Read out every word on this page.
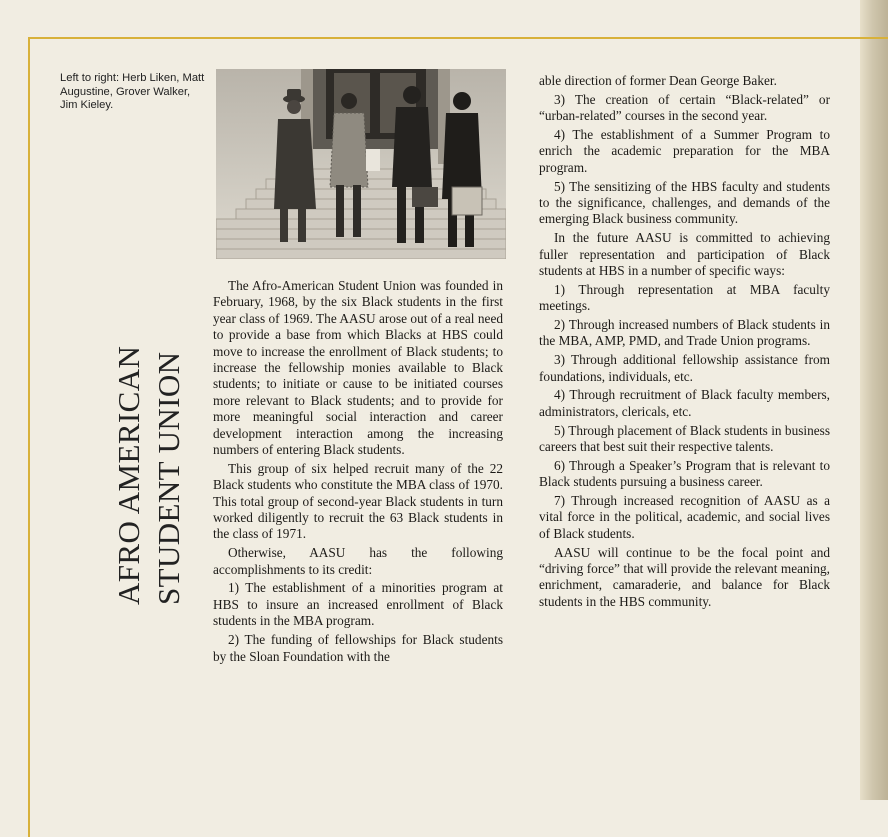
Left to right: Herb Liken, Matt Augustine, Grover Walker, Jim Kieley.
AFRO AMERICAN STUDENT UNION

The Afro-American Student Union was founded in February, 1968, by the six Black students in the first year class of 1969. The AASU arose out of a real need to provide a base from which Blacks at HBS could move to increase the enrollment of Black students; to increase the fellowship monies available to Black students; to initiate or cause to be initiated courses more relevant to Black students; and to provide for more meaningful social interaction and career development interaction among the increasing numbers of entering Black students.

This group of six helped recruit many of the 22 Black students who constitute the MBA class of 1970. This total group of second-year Black students in turn worked diligently to recruit the 63 Black students in the class of 1971.

Otherwise, AASU has the following accomplishments to its credit:

1) The establishment of a minorities program at HBS to insure an increased enrollment of Black students in the MBA program.

2) The funding of fellowships for Black students by the Sloan Foundation with the

able direction of former Dean George Baker.

3) The creation of certain “Black-related” or “urban-related” courses in the second year.

4) The establishment of a Summer Program to enrich the academic preparation for the MBA program.

5) The sensitizing of the HBS faculty and students to the significance, challenges, and demands of the emerging Black business community.

In the future AASU is committed to achieving fuller representation and participation of Black students at HBS in a number of specific ways:

1) Through representation at MBA faculty meetings.

2) Through increased numbers of Black students in the MBA, AMP, PMD, and Trade Union programs.

3) Through additional fellowship assistance from foundations, individuals, etc.

4) Through recruitment of Black faculty members, administrators, clericals, etc.

5) Through placement of Black students in business careers that best suit their respective talents.

6) Through a Speaker’s Program that is relevant to Black students pursuing a business career.

7) Through increased recognition of AASU as a vital force in the political, academic, and social lives of Black students.

AASU will continue to be the focal point and “driving force” that will provide the relevant meaning, enrichment, camaraderie, and balance for Black students in the HBS community.
